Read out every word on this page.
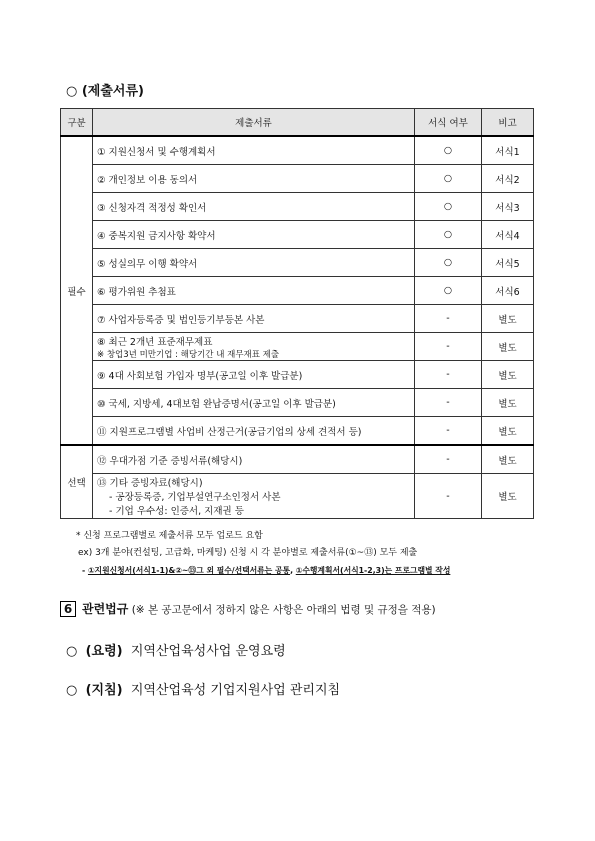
○ (제출서류)
구분	제출서류	서식 여부	비고
필수	① 지원신청서 및 수행계획서	○	서식1
	② 개인정보 이용 동의서	○	서식2
	③ 신청자격 적정성 확인서	○	서식3
	④ 중복지원 금지사항 확약서	○	서식4
	⑤ 성실의무 이행 확약서	○	서식5
	⑥ 평가위원 추첨표	○	서식6
	⑦ 사업자등록증 및 법인등기부등본 사본	-	별도

	⑧ 최근 2개년 표준재무제표
※ 창업3년 미만기업 : 해당기간 내 재무재표 제출	-	별도
	⑨ 4대 사회보험 가입자 명부(공고일 이후 발급분)	-	별도
	⑩ 국세, 지방세, 4대보험 완납증명서(공고일 이후 발급분)	-	별도
	⑪ 지원프로그램별 사업비 산정근거(공급기업의 상세 견적서 등)	-	별도
선택	⑫ 우대가점 기준 증빙서류(해당시)	-	별도

	⑬ 기타 증빙자료(해당시)
- 공장등록증, 기업부설연구소인정서 사본
- 기업 우수성: 인증서, 지재권 등	-	별도
* 신청 프로그램별로 제출서류 모두 업로드 요함
ex) 3개 분야(컨설팅, 고급화, 마케팅) 신청 시 각 분야별로 제출서류(①~⑬) 모두 제출
- ①지원신청서(서식1-1)&②~⑬그 외 필수/선택서류는 공통, ①수행계획서(서식1-2,3)는 프로그램별 작성
6 관련법규 (※ 본 공고문에서 정하지 않은 사항은 아래의 법령 및 규정을 적용)
○ (요령) 지역산업육성사업 운영요령
○ (지침) 지역산업육성 기업지원사업 관리지침
